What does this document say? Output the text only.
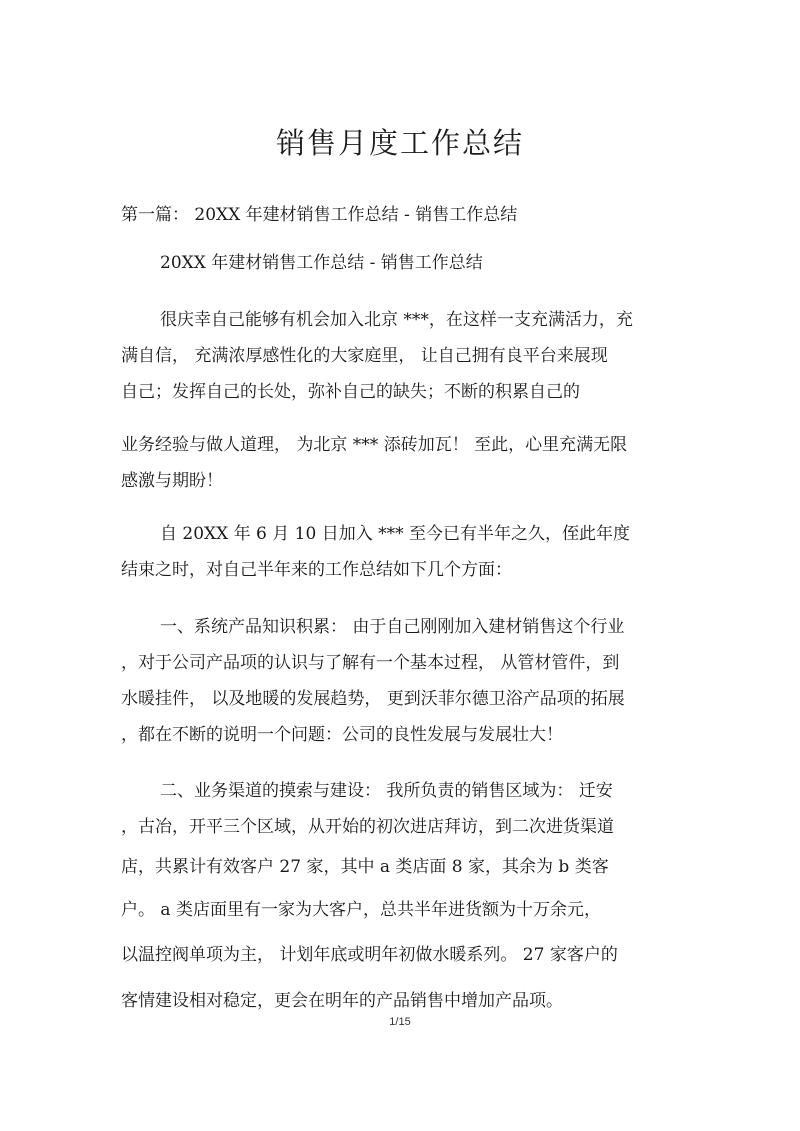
销售月度工作总结
第一篇： 20XX 年建材销售工作总结 - 销售工作总结
20XX 年建材销售工作总结 - 销售工作总结
很庆幸自己能够有机会加入北京 ***，在这样一支充满活力，充
满自信， 充满浓厚感性化的大家庭里， 让自己拥有良平台来展现
自己；发挥自己的长处，弥补自己的缺失；不断的积累自己的
业务经验与做人道理， 为北京 *** 添砖加瓦！ 至此，心里充满无限
感激与期盼！
自 20XX 年 6 月 10 日加入 *** 至今已有半年之久，侄此年度
结束之时，对自己半年来的工作总结如下几个方面：
一、系统产品知识积累： 由于自己刚刚加入建材销售这个行业
，对于公司产品项的认识与了解有一个基本过程， 从管材管件，到
水暖挂件， 以及地暖的发展趋势， 更到沃菲尔德卫浴产品项的拓展
，都在不断的说明一个问题：公司的良性发展与发展壮大！
二、业务渠道的摸索与建设： 我所负责的销售区域为： 迁安
，古冶，开平三个区域，从开始的初次进店拜访，到二次进货渠道
店，共累计有效客户 27 家，其中 a 类店面 8 家，其余为 b 类客
户。 a 类店面里有一家为大客户，总共半年进货额为十万余元，
以温控阀单项为主， 计划年底或明年初做水暖系列。 27 家客户的
客情建设相对稳定，更会在明年的产品销售中增加产品项。
1/15
